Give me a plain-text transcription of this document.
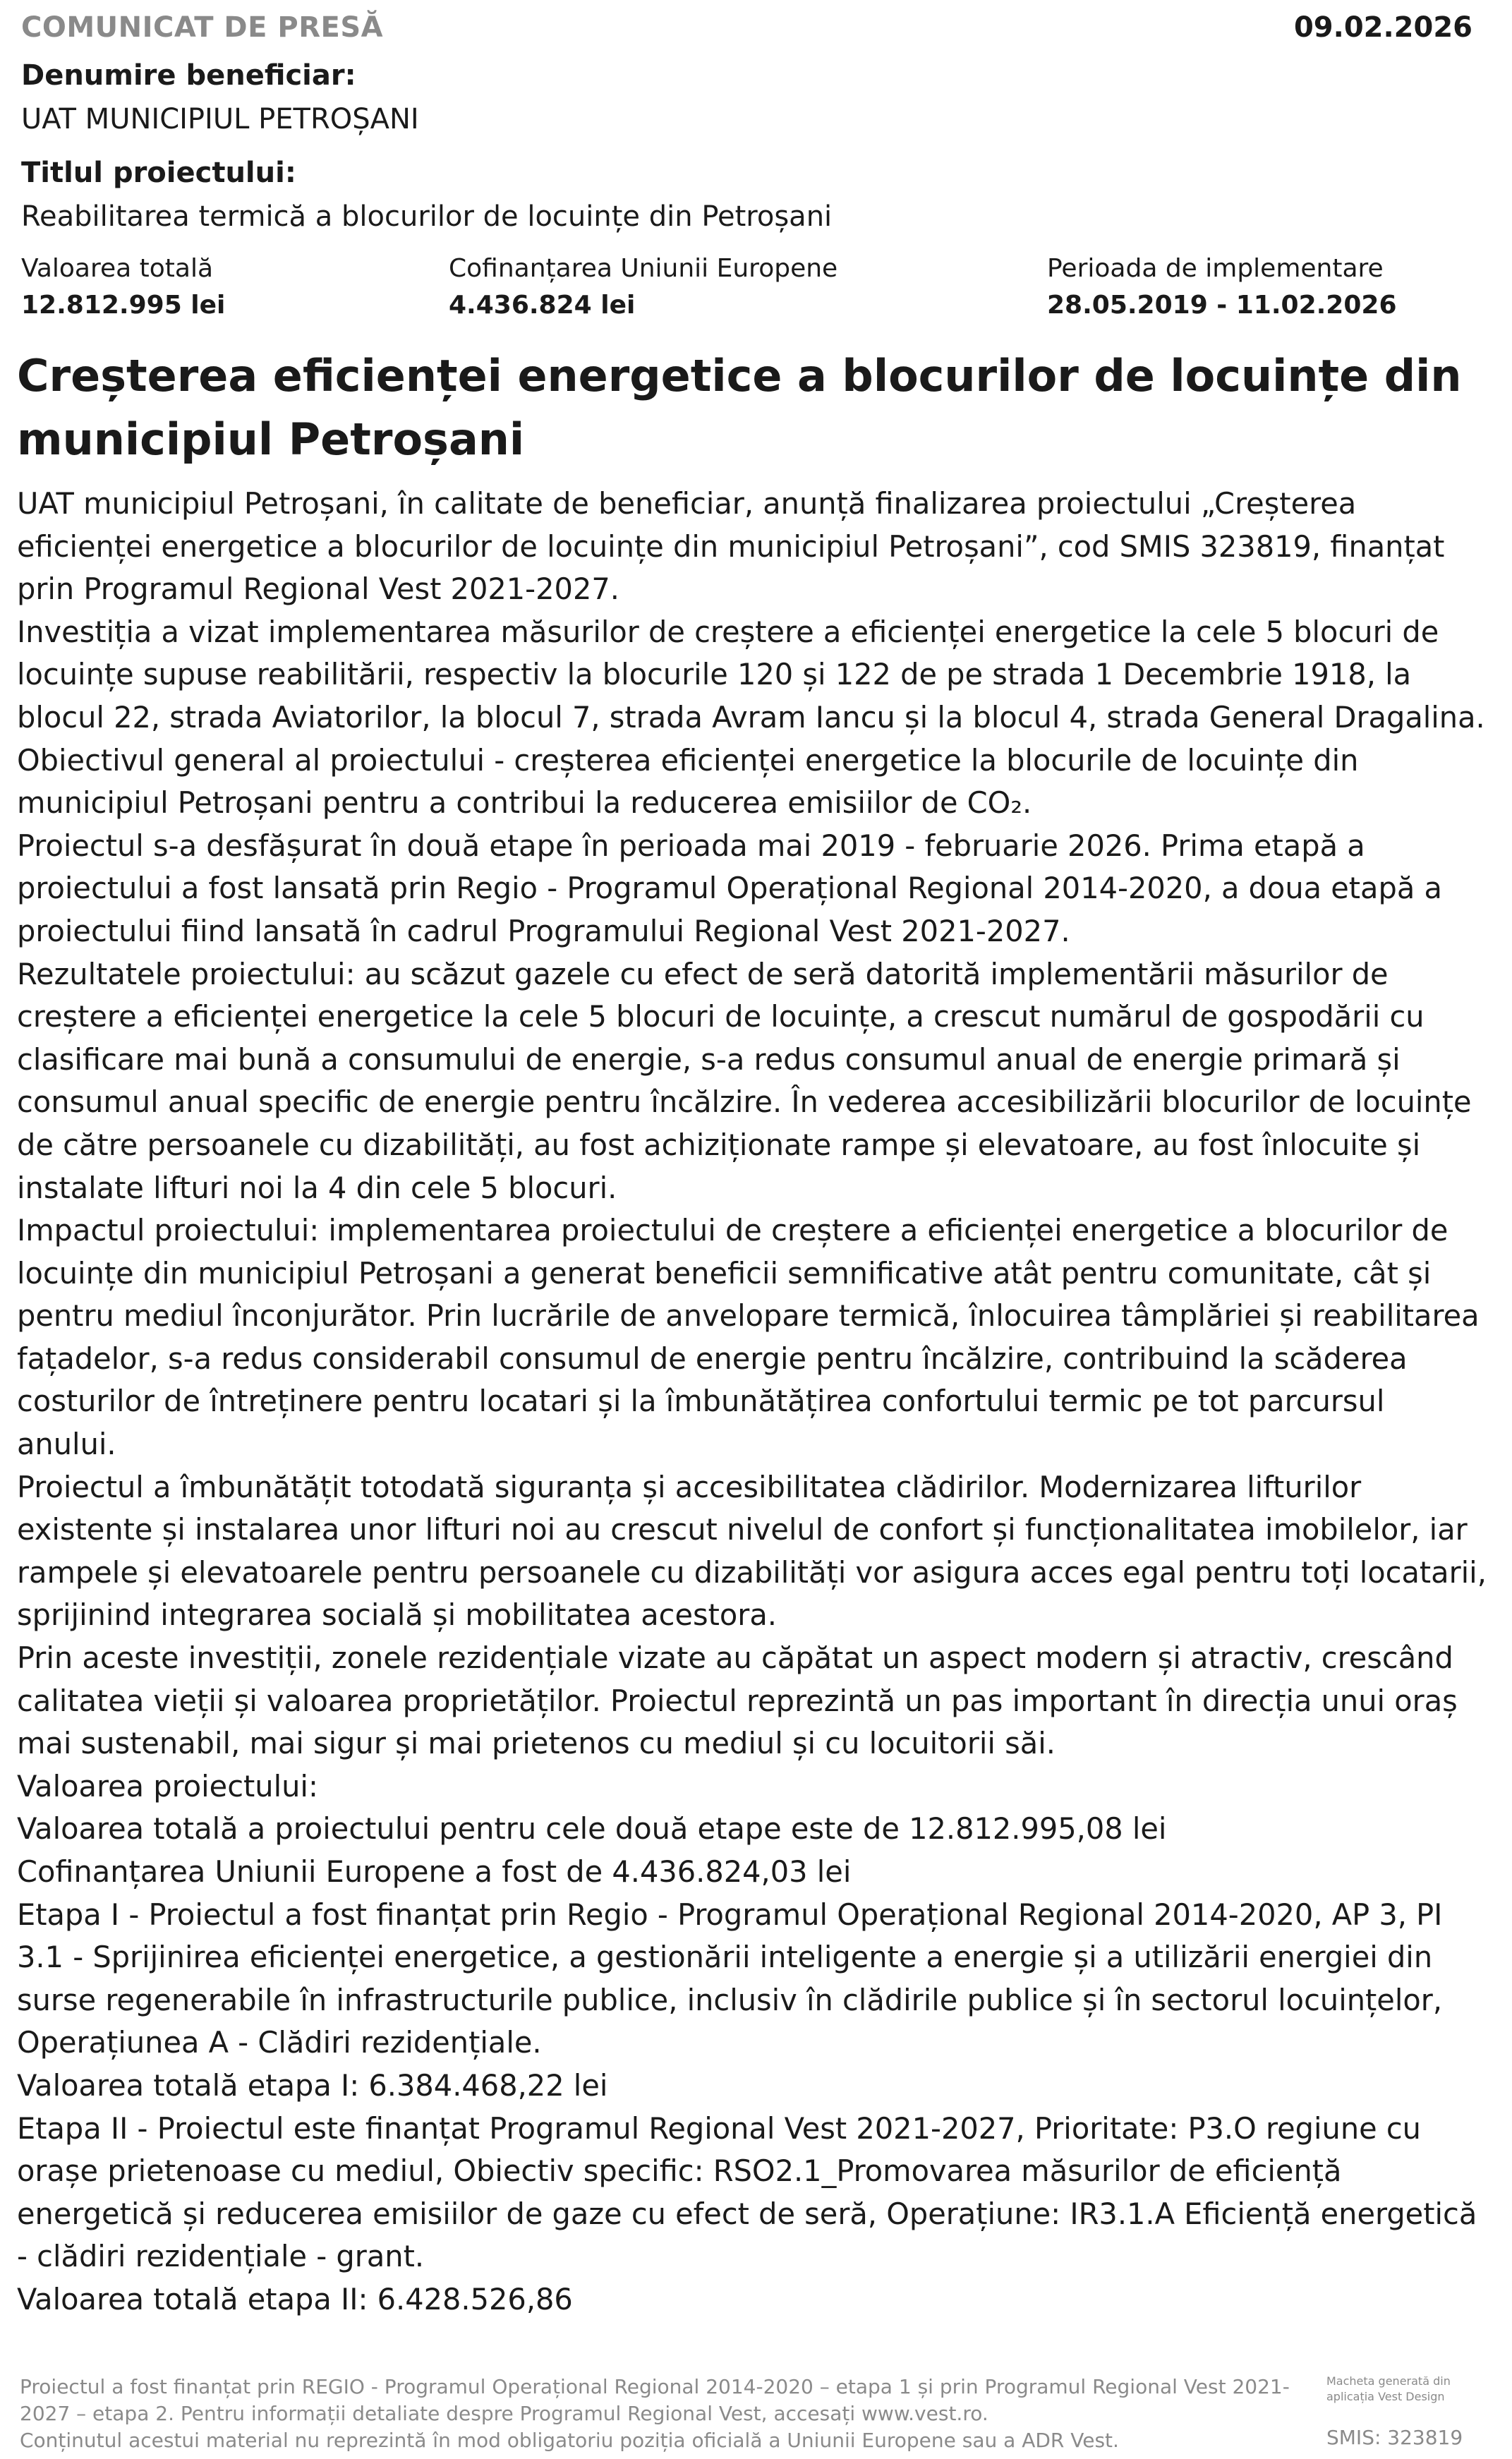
COMUNICAT DE PRESĂ	09.02.2026
Denumire beneficiar:
UAT MUNICIPIUL PETROȘANI
Titlul proiectului:
Reabilitarea termică a blocurilor de locuințe din Petroșani
Valoarea totală
12.812.995 lei
Cofinanțarea Uniunii Europene
4.436.824 lei
Perioada de implementare
28.05.2019 - 11.02.2026
Creșterea eficienței energetice a blocurilor de locuințe din municipiul Petroșani

UAT municipiul Petroșani, în calitate de beneficiar, anunță finalizarea proiectului „Creșterea eficienței energetice a blocurilor de locuințe din municipiul Petroșani”, cod SMIS 323819, finanțat prin Programul Regional Vest 2021-2027.

Investiția a vizat implementarea măsurilor de creștere a eficienței energetice la cele 5 blocuri de locuințe supuse reabilitării, respectiv la blocurile 120 și 122 de pe strada 1 Decembrie 1918, la blocul 22, strada Aviatorilor, la blocul 7, strada Avram Iancu și la blocul 4, strada General Dragalina.

Obiectivul general al proiectului - creșterea eficienței energetice la blocurile de locuințe din municipiul Petroșani pentru a contribui la reducerea emisiilor de CO₂.

Proiectul s-a desfășurat în două etape în perioada mai 2019 - februarie 2026. Prima etapă a proiectului a fost lansată prin Regio - Programul Operațional Regional 2014-2020, a doua etapă a proiectului fiind lansată în cadrul Programului Regional Vest 2021-2027.

Rezultatele proiectului: au scăzut gazele cu efect de seră datorită implementării măsurilor de creștere a eficienței energetice la cele 5 blocuri de locuințe, a crescut numărul de gospodării cu clasificare mai bună a consumului de energie, s-a redus consumul anual de energie primară și consumul anual specific de energie pentru încălzire. În vederea accesibilizării blocurilor de locuințe de către persoanele cu dizabilități, au fost achiziționate rampe și elevatoare, au fost înlocuite și instalate lifturi noi la 4 din cele 5 blocuri.

Impactul proiectului: implementarea proiectului de creștere a eficienței energetice a blocurilor de locuințe din municipiul Petroșani a generat beneficii semnificative atât pentru comunitate, cât și pentru mediul înconjurător. Prin lucrările de anvelopare termică, înlocuirea tâmplăriei și reabilitarea fațadelor, s-a redus considerabil consumul de energie pentru încălzire, contribuind la scăderea costurilor de întreținere pentru locatari și la îmbunătățirea confortului termic pe tot parcursul anului.

Proiectul a îmbunătățit totodată siguranța și accesibilitatea clădirilor. Modernizarea lifturilor existente și instalarea unor lifturi noi au crescut nivelul de confort și funcționalitatea imobilelor, iar rampele și elevatoarele pentru persoanele cu dizabilități vor asigura acces egal pentru toți locatarii, sprijinind integrarea socială și mobilitatea acestora.

Prin aceste investiții, zonele rezidențiale vizate au căpătat un aspect modern și atractiv, crescând calitatea vieții și valoarea proprietăților. Proiectul reprezintă un pas important în direcția unui oraș mai sustenabil, mai sigur și mai prietenos cu mediul și cu locuitorii săi.

Valoarea proiectului:

Valoarea totală a proiectului pentru cele două etape este de 12.812.995,08 lei

Cofinanțarea Uniunii Europene a fost de 4.436.824,03 lei

Etapa I - Proiectul a fost finanțat prin Regio - Programul Operațional Regional 2014-2020, AP 3, PI 3.1 - Sprijinirea eficienței energetice, a gestionării inteligente a energie și a utilizării energiei din surse regenerabile în infrastructurile publice, inclusiv în clădirile publice și în sectorul locuințelor, Operațiunea A - Clădiri rezidențiale.

Valoarea totală etapa I: 6.384.468,22 lei

Etapa II - Proiectul este finanțat Programul Regional Vest 2021-2027, Prioritate: P3.O regiune cu orașe prietenoase cu mediul, Obiectiv specific: RSO2.1_Promovarea măsurilor de eficiență energetică și reducerea emisiilor de gaze cu efect de seră, Operațiune: IR3.1.A Eficiență energetică - clădiri rezidențiale - grant.

Valoarea totală etapa II: 6.428.526,86

Proiectul a fost finanțat prin REGIO - Programul Operațional Regional 2014-2020 – etapa 1 și prin Programul Regional Vest 2021-2027 – etapa 2. Pentru informații detaliate despre Programul Regional Vest, accesați www.vest.ro.

Conținutul acestui material nu reprezintă în mod obligatoriu poziția oficială a Uniunii Europene sau a ADR Vest.

Macheta generată din aplicația Vest Design
SMIS: 323819
